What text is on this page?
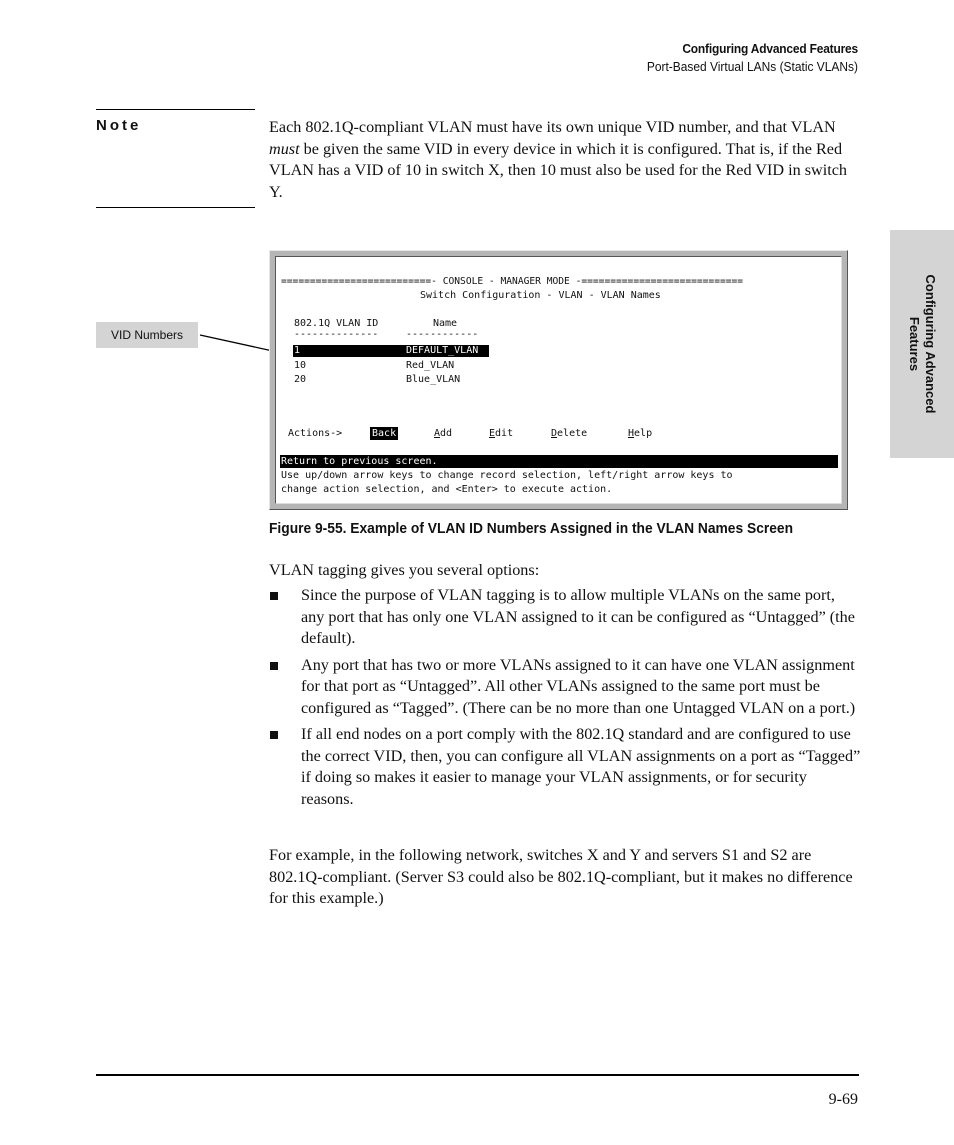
Configuring Advanced Features
Port-Based Virtual LANs (Static VLANs)
Configuring Advanced
Features
Note	Each 802.1Q-compliant VLAN must have its own unique VID number, and that VLAN must be given the same VID in every device in which it is configured. That is, if the Red VLAN has a VID of 10 in switch X, then 10 must also be used for the Red VID in switch Y.

VID Numbers
==========================- CONSOLE - MANAGER MODE -============================
Switch Configuration - VLAN - VLAN Names
802.1Q VLAN ID	Name
--------------	------------
1	DEFAULT_VLAN
10	Red_VLAN
20	Blue_VLAN
Actions->	Back	Add	Edit	Delete	Help
Return to previous screen.
Use up/down arrow keys to change record selection, left/right arrow keys to
change action selection, and <Enter> to execute action.
Figure 9-55. Example of VLAN ID Numbers Assigned in the VLAN Names Screen
VLAN tagging gives you several options:
Since the purpose of VLAN tagging is to allow multiple VLANs on the same port, any port that has only one VLAN assigned to it can be configured as “Untagged” (the default).
Any port that has two or more VLANs assigned to it can have one VLAN assignment for that port as “Untagged”. All other VLANs assigned to the same port must be configured as “Tagged”. (There can be no more than one Untagged VLAN on a port.)
If all end nodes on a port comply with the 802.1Q standard and are configured to use the correct VID, then, you can configure all VLAN assignments on a port as “Tagged” if doing so makes it easier to manage your VLAN assignments, or for security reasons.
For example, in the following network, switches X and Y and servers S1 and S2 are 802.1Q-compliant. (Server S3 could also be 802.1Q-compliant, but it makes no difference for this example.)
9-69
